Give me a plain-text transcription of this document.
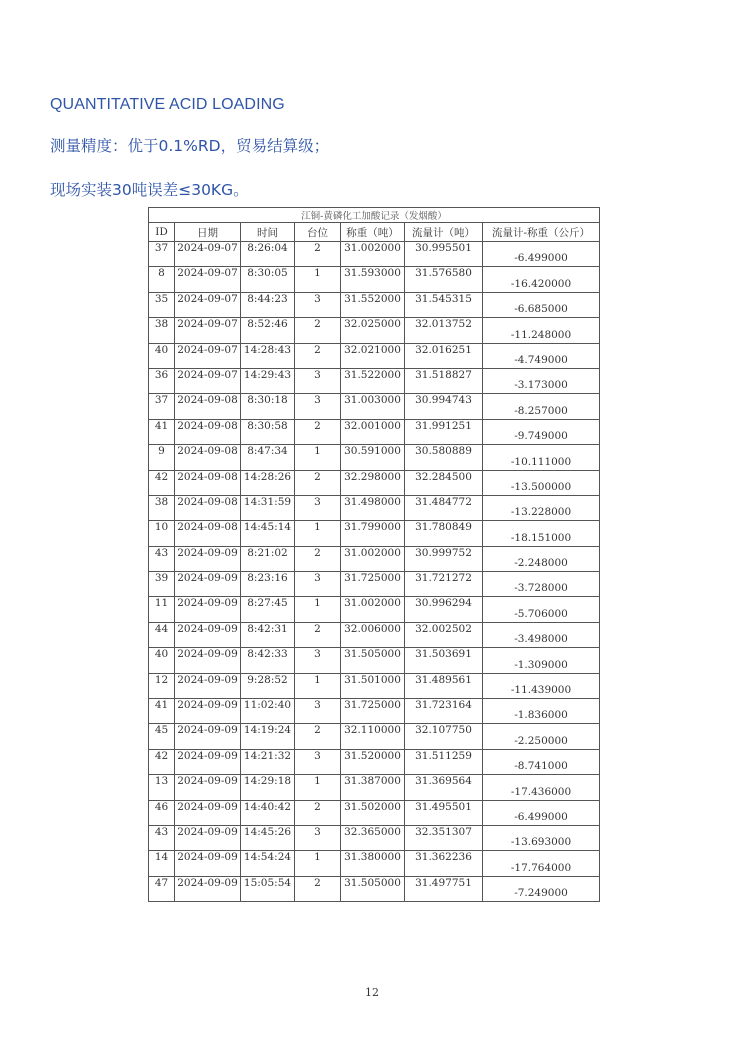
QUANTITATIVE ACID LOADING
测量精度：优于0.1%RD，贸易结算级；
现场实装30吨误差≤30KG。
江铜-黄磷化工加酸记录（发烟酸）						
ID	日期	时间	台位	称重（吨）	流量计（吨）	流量计-称重（公斤）
37	2024-09-07	8:26:04	2	31.002000	30.995501	-6.499000
8	2024-09-07	8:30:05	1	31.593000	31.576580	-16.420000
35	2024-09-07	8:44:23	3	31.552000	31.545315	-6.685000
38	2024-09-07	8:52:46	2	32.025000	32.013752	-11.248000
40	2024-09-07	14:28:43	2	32.021000	32.016251	-4.749000
36	2024-09-07	14:29:43	3	31.522000	31.518827	-3.173000
37	2024-09-08	8:30:18	3	31.003000	30.994743	-8.257000
41	2024-09-08	8:30:58	2	32.001000	31.991251	-9.749000
9	2024-09-08	8:47:34	1	30.591000	30.580889	-10.111000
42	2024-09-08	14:28:26	2	32.298000	32.284500	-13.500000
38	2024-09-08	14:31:59	3	31.498000	31.484772	-13.228000
10	2024-09-08	14:45:14	1	31.799000	31.780849	-18.151000
43	2024-09-09	8:21:02	2	31.002000	30.999752	-2.248000
39	2024-09-09	8:23:16	3	31.725000	31.721272	-3.728000
11	2024-09-09	8:27:45	1	31.002000	30.996294	-5.706000
44	2024-09-09	8:42:31	2	32.006000	32.002502	-3.498000
40	2024-09-09	8:42:33	3	31.505000	31.503691	-1.309000
12	2024-09-09	9:28:52	1	31.501000	31.489561	-11.439000
41	2024-09-09	11:02:40	3	31.725000	31.723164	-1.836000
45	2024-09-09	14:19:24	2	32.110000	32.107750	-2.250000
42	2024-09-09	14:21:32	3	31.520000	31.511259	-8.741000
13	2024-09-09	14:29:18	1	31.387000	31.369564	-17.436000
46	2024-09-09	14:40:42	2	31.502000	31.495501	-6.499000
43	2024-09-09	14:45:26	3	32.365000	32.351307	-13.693000
14	2024-09-09	14:54:24	1	31.380000	31.362236	-17.764000
47	2024-09-09	15:05:54	2	31.505000	31.497751	-7.249000
12
